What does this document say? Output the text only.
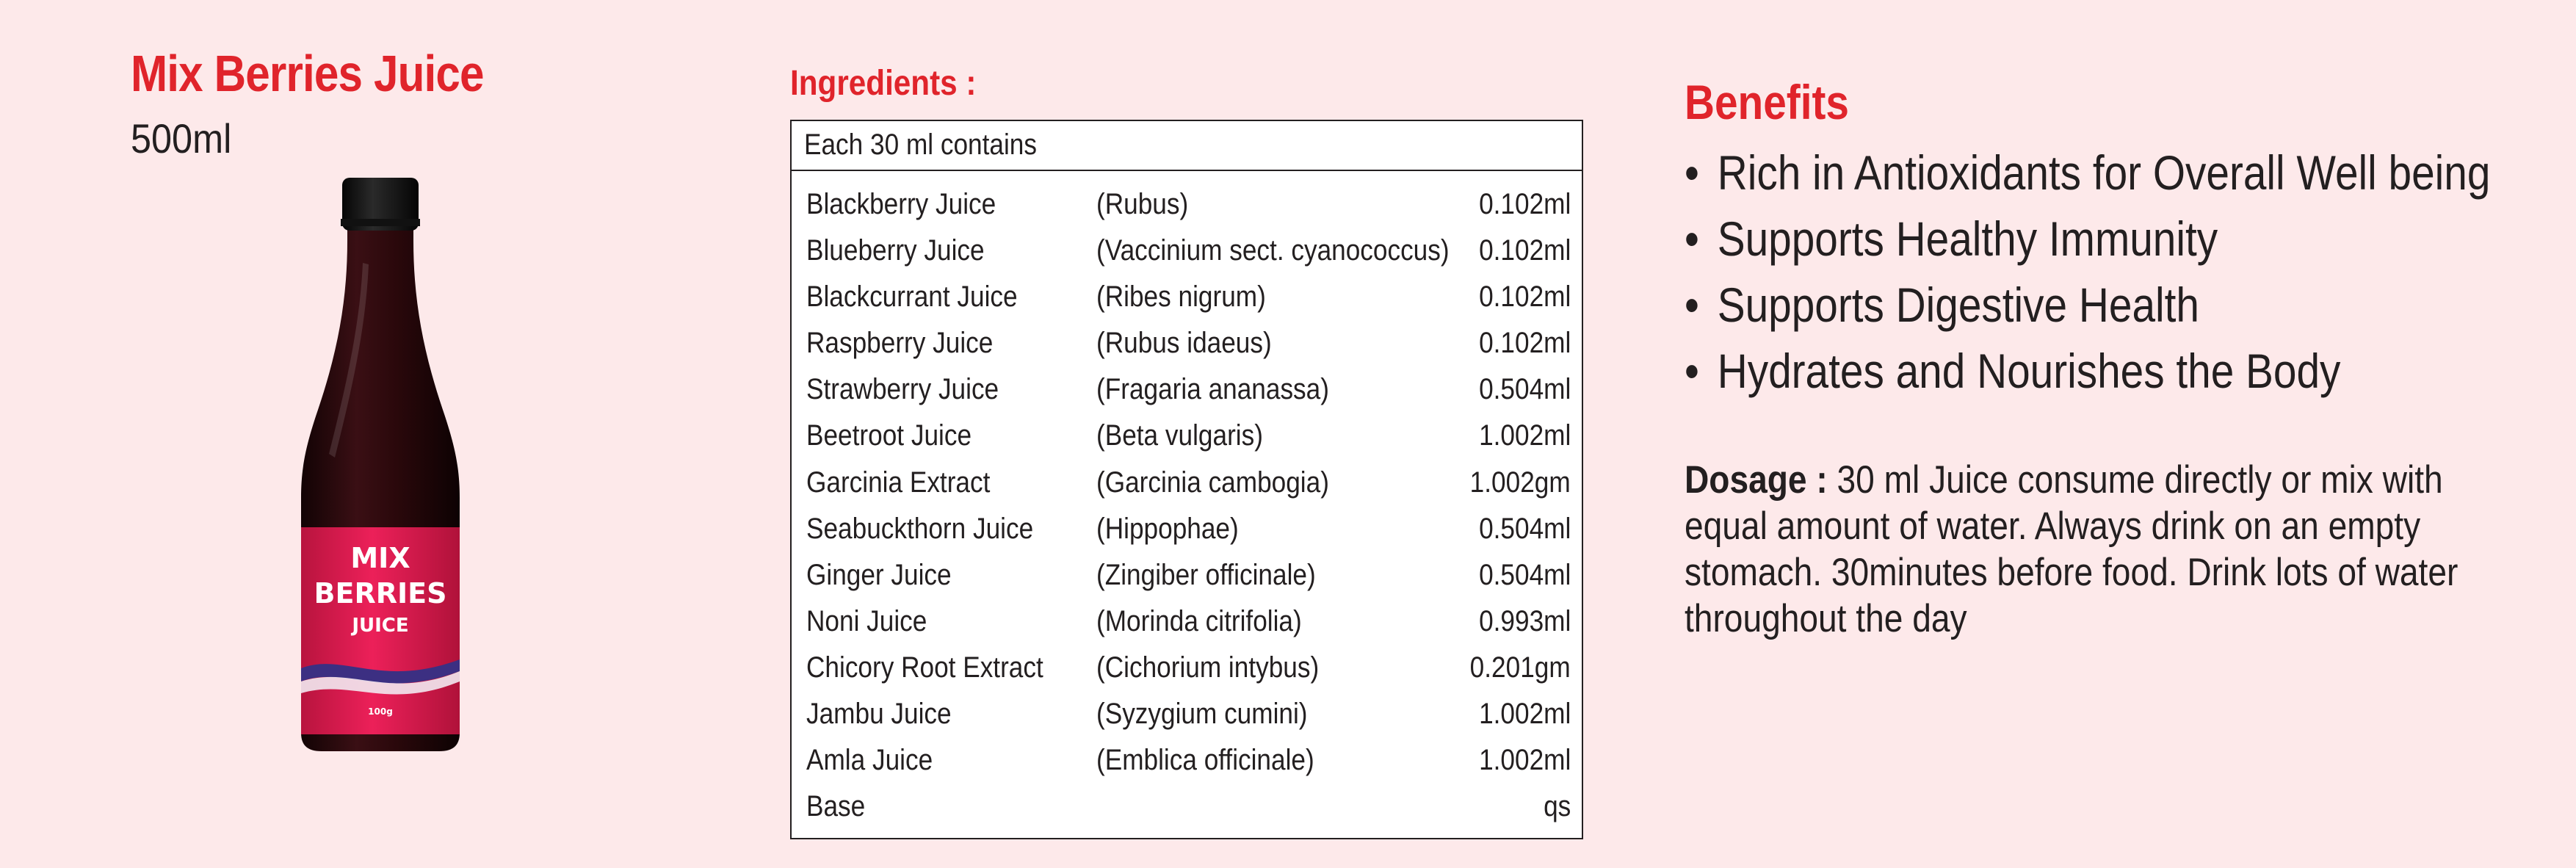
Mix Berries Juice
500ml
MIX
BERRIES
JUICE
100g
Ingredients :
Each 30 ml contains
Blackberry Juice	(Rubus)	0.102ml
Blueberry Juice	(Vaccinium sect. cyanococcus) 0.102ml
Blackcurrant Juice	(Ribes nigrum)	0.102ml
Raspberry Juice	(Rubus idaeus)	0.102ml
Strawberry Juice	(Fragaria ananassa)	0.504ml
Beetroot Juice	(Beta vulgaris)	1.002ml
Garcinia Extract	(Garcinia cambogia)	1.002gm
Seabuckthorn Juice (Hippophae)	0.504ml
Ginger Juice	(Zingiber officinale)	0.504ml
Noni Juice	(Morinda citrifolia)	0.993ml
Chicory Root Extract (Cichorium intybus)	0.201gm
Jambu Juice	(Syzygium cumini)	1.002ml
Amla Juice	(Emblica officinale)	1.002ml
Base	qs
Benefits
• Rich in Antioxidants for Overall Well being
• Supports Healthy Immunity
• Supports Digestive Health
• Hydrates and Nourishes the Body
Dosage : 30 ml Juice consume directly or mix with equal amount of water. Always drink on an empty stomach. 30minutes before food. Drink lots of water throughout the day
